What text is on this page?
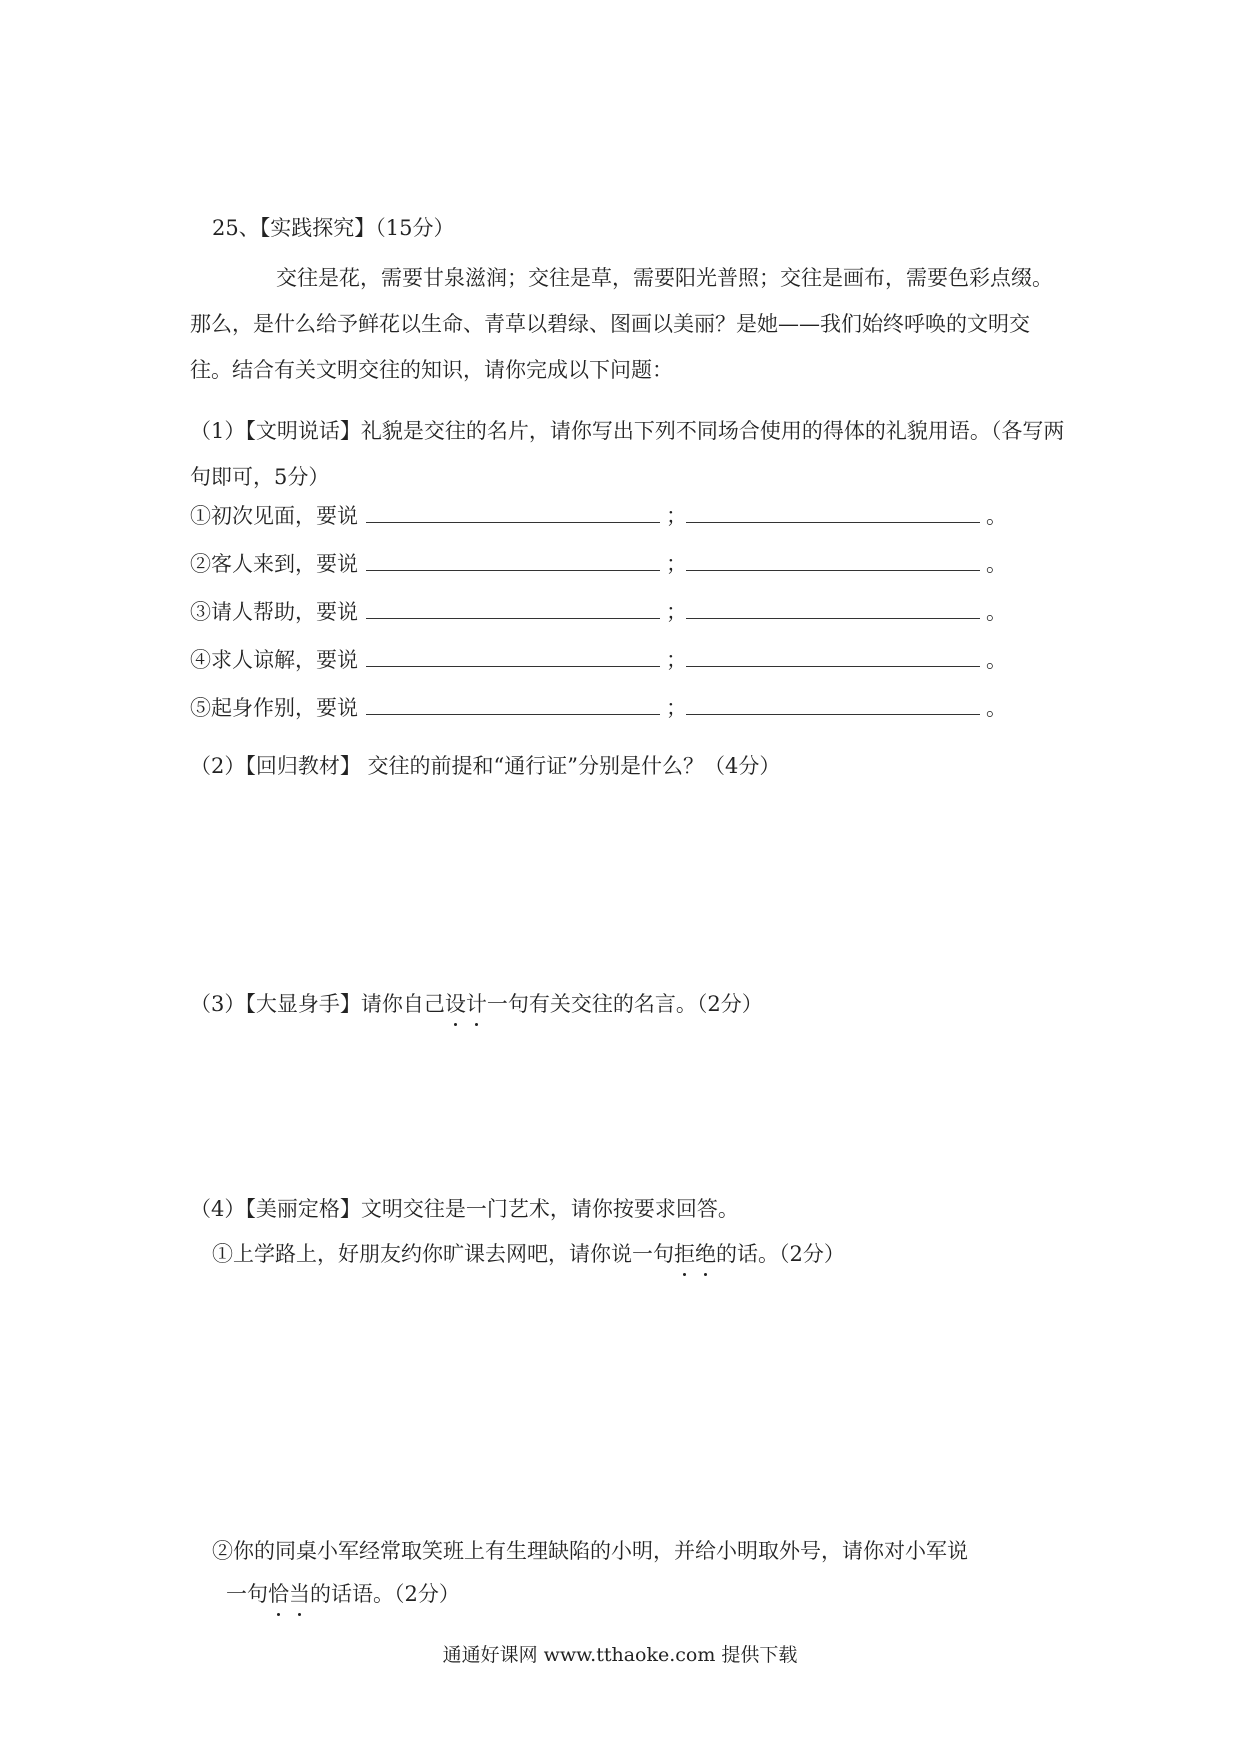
25、【实践探究】（15分）
交往是花，需要甘泉滋润；交往是草，需要阳光普照；交往是画布，需要色彩点缀。那么，是什么给予鲜花以生命、青草以碧绿、图画以美丽？是她——我们始终呼唤的文明交往。结合有关文明交往的知识，请你完成以下问题：
（1）【文明说话】礼貌是交往的名片，请你写出下列不同场合使用的得体的礼貌用语。（各写两句即可，5分）
①初次见面，要说	；	。
②客人来到，要说	；	。
③请人帮助，要说	；	。
④求人谅解，要说	；	。
⑤起身作别，要说	；	。
（2）【回归教材】 交往的前提和“通行证”分别是什么？（4分）
（3）【大显身手】请你自己设计一句有关交往的名言。（2分）
（4）【美丽定格】文明交往是一门艺术，请你按要求回答。
①上学路上，好朋友约你旷课去网吧，请你说一句拒绝的话。（2分）
②你的同桌小军经常取笑班上有生理缺陷的小明，并给小明取外号，请你对小军说
一句恰当的话语。（2分）
通通好课网 www.tthaoke.com 提供下载
